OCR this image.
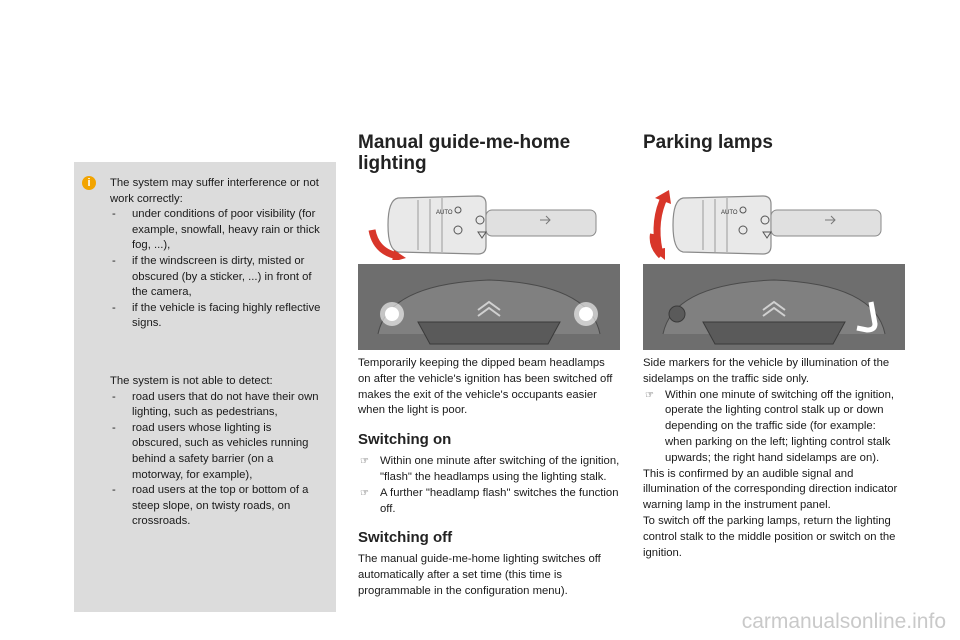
i	The system may suffer interference or not work correctly:

- under conditions of poor visibility (for example, snowfall, heavy rain or thick fog, ...),
- if the windscreen is dirty, misted or obscured (by a sticker, ...) in front of the camera,
- if the vehicle is facing highly reflective signs.

The system is not able to detect:

- road users that do not have their own lighting, such as pedestrians,
- road users whose lighting is obscured, such as vehicles running behind a safety barrier (on a motorway, for example),
- road users at the top or bottom of a steep slope, on twisty roads, on crossroads.
Manual guide-me-home lighting
AUTO

Temporarily keeping the dipped beam headlamps on after the vehicle's ignition has been switched off makes the exit of the vehicle's occupants easier when the light is poor.

Switching on
☞ Within one minute after switching of the ignition, "flash" the headlamps using the lighting stalk.
☞ A further "headlamp flash" switches the function off.
Switching off

The manual guide-me-home lighting switches off automatically after a set time (this time is programmable in the configuration menu).

Parking lamps
AUTO

Side markers for the vehicle by illumination of the sidelamps on the traffic side only.

☞ Within one minute of switching off the ignition, operate the lighting control stalk up or down depending on the traffic side (for example: when parking on the left; lighting control stalk upwards; the right hand sidelamps are on).

This is confirmed by an audible signal and illumination of the corresponding direction indicator warning lamp in the instrument panel.

To switch off the parking lamps, return the lighting control stalk to the middle position or switch on the ignition.

carmanualsonline.info
